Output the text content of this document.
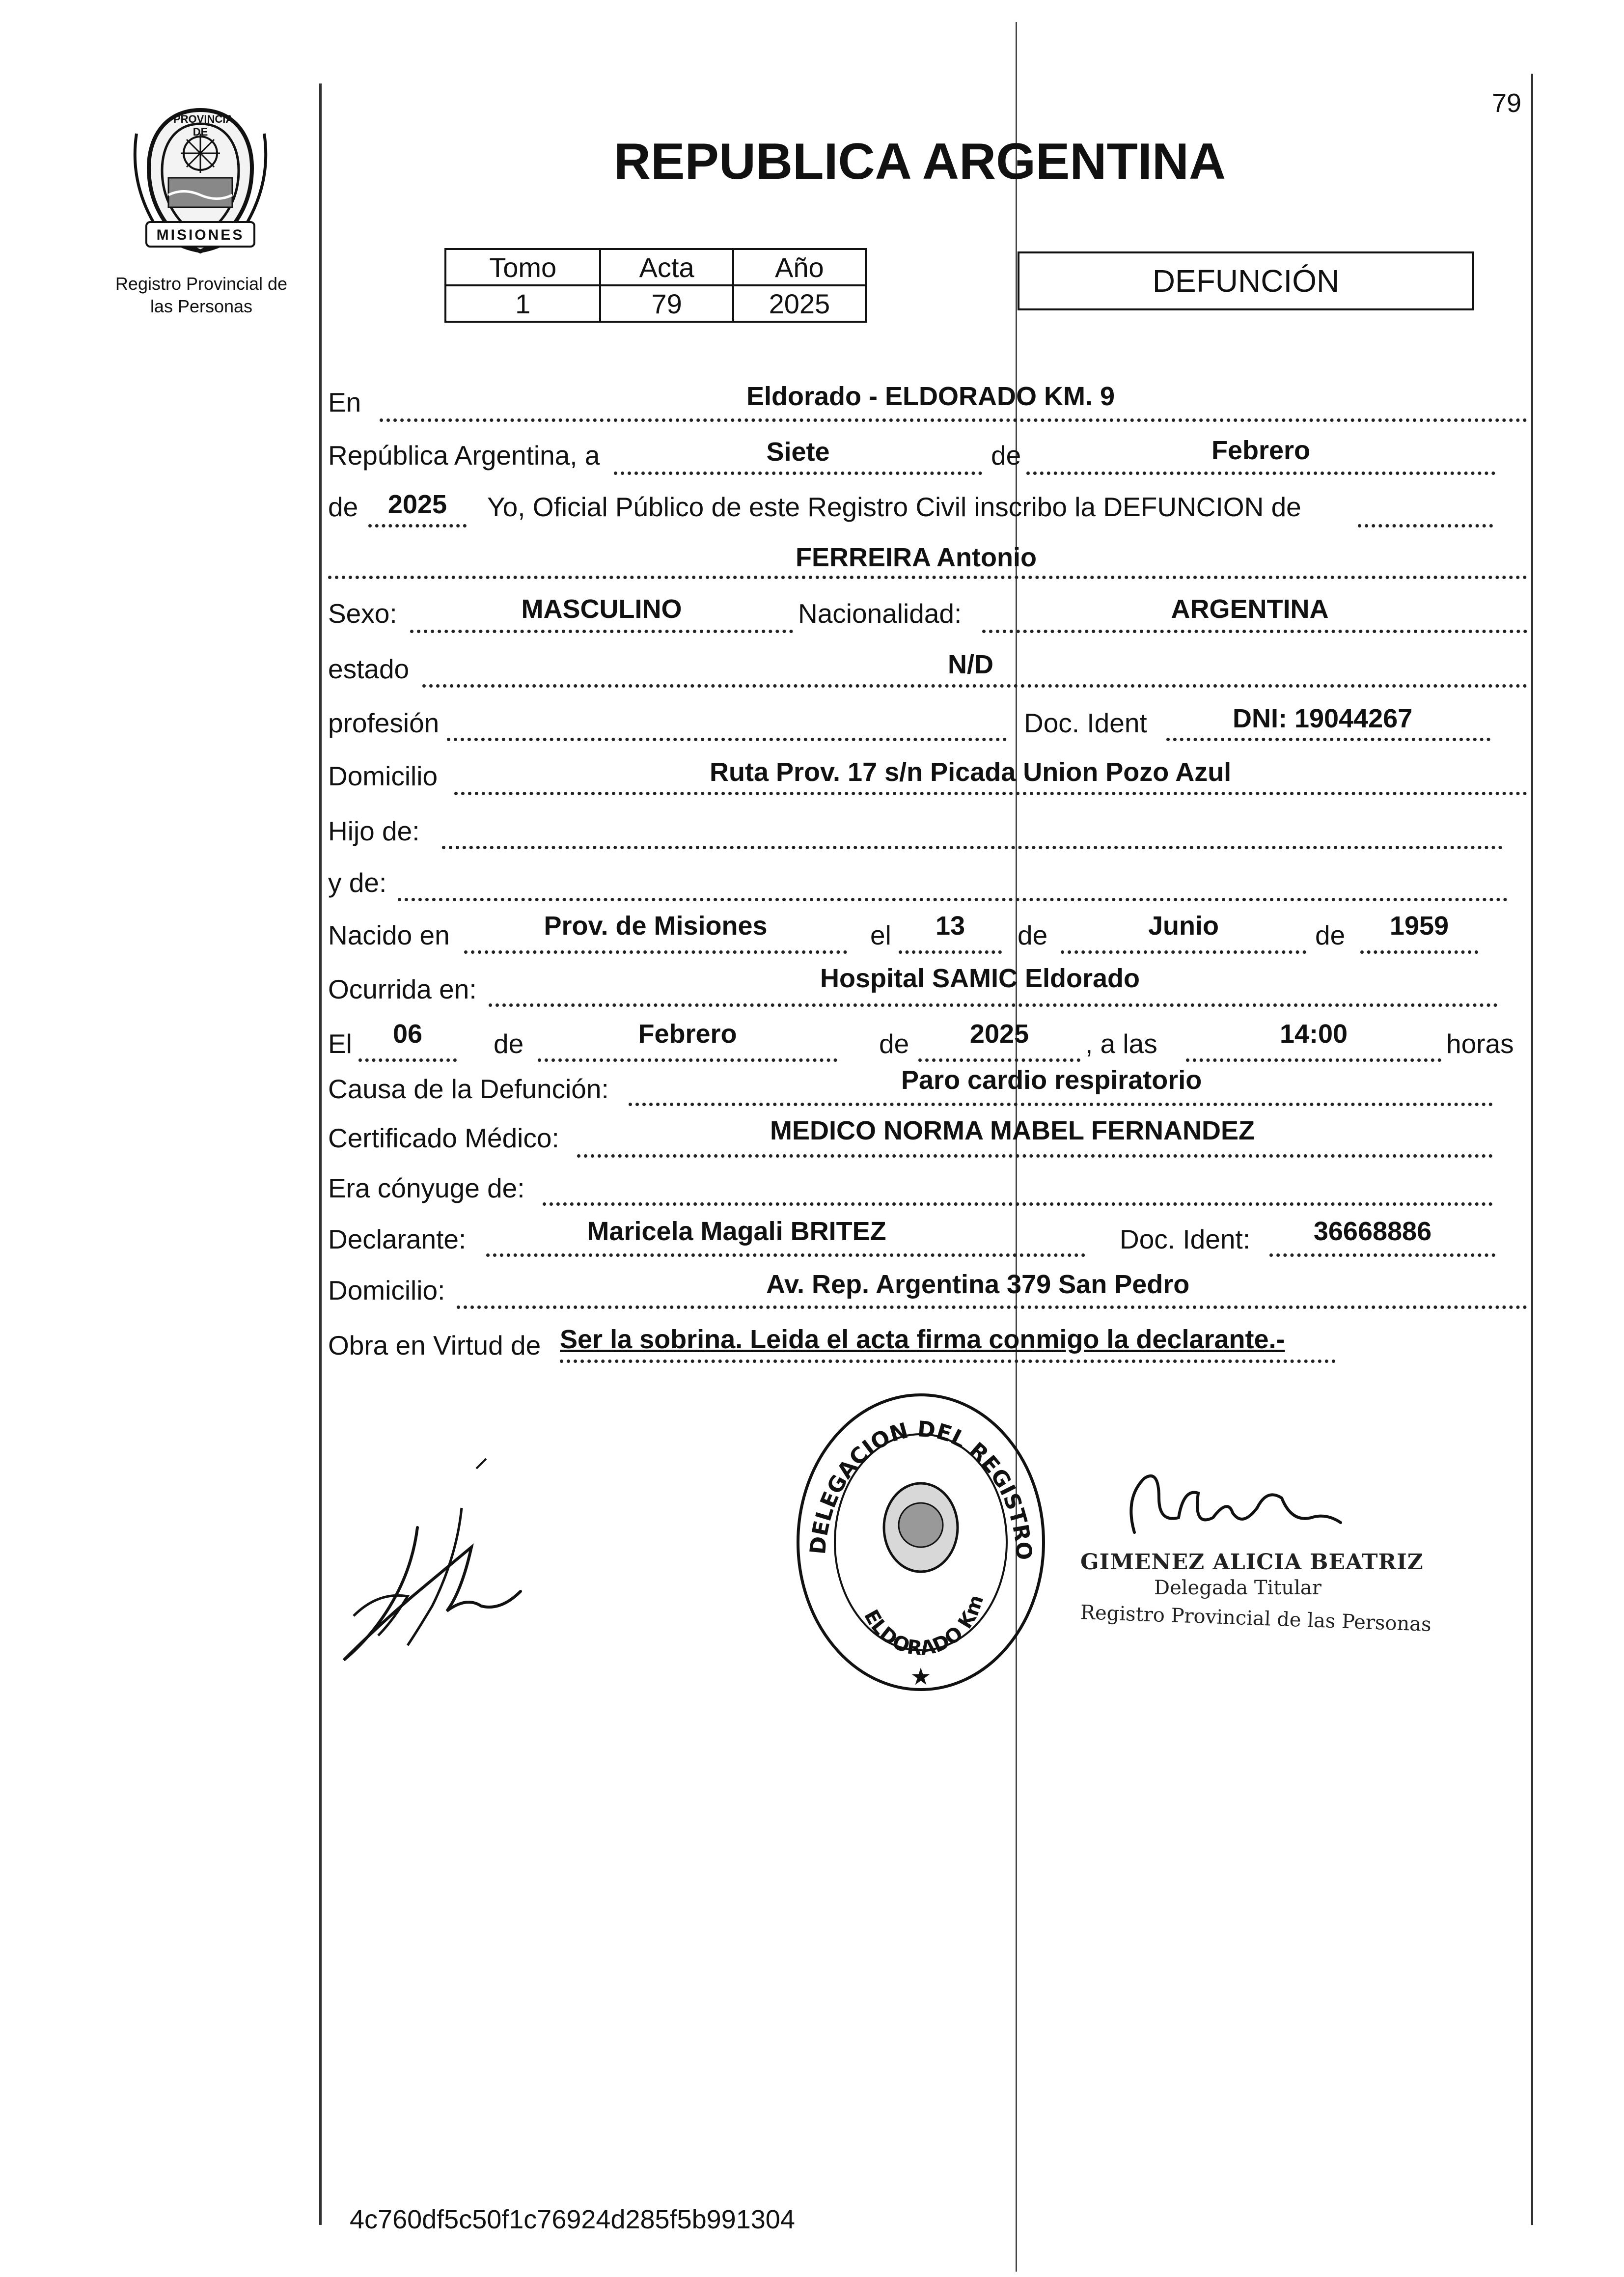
79
PROVINCIA DE
MISIONES
Registro Provincial de
las Personas
REPUBLICA ARGENTINA
Tomo	Acta	Año
1	79	2025
DEFUNCIÓN
En	Eldorado - ELDORADO KM. 9
República Argentina, a	Siete	de	Febrero
de	2025	Yo, Oficial Público de este Registro Civil inscribo la DEFUNCION de
FERREIRA Antonio
Sexo:	MASCULINO	Nacionalidad:	ARGENTINA
estado	N/D
profesión	Doc. Ident	DNI: 19044267
Domicilio	Ruta Prov. 17 s/n Picada Union Pozo Azul
Hijo de:
y de:
Nacido en	Prov. de Misiones	el	13	de	Junio	de	1959
Ocurrida en:	Hospital SAMIC Eldorado
El	06	de	Febrero	de	2025	, a las	14:00	horas
Causa de la Defunción:	Paro cardio respiratorio
Certificado Médico:	MEDICO NORMA MABEL FERNANDEZ
Era cónyuge de:
Declarante:	Maricela Magali BRITEZ	Doc. Ident:	36668886
Domicilio:	Av. Rep. Argentina 379 San Pedro
Obra en Virtud de Ser la sobrina. Leida el acta firma conmigo la declarante.-
DELEGACION DEL REGISTRO
ELDORADO Km
★
GIMENEZ ALICIA BEATRIZ
Delegada Titular
Registro Provincial de las Personas
4c760df5c50f1c76924d285f5b991304
